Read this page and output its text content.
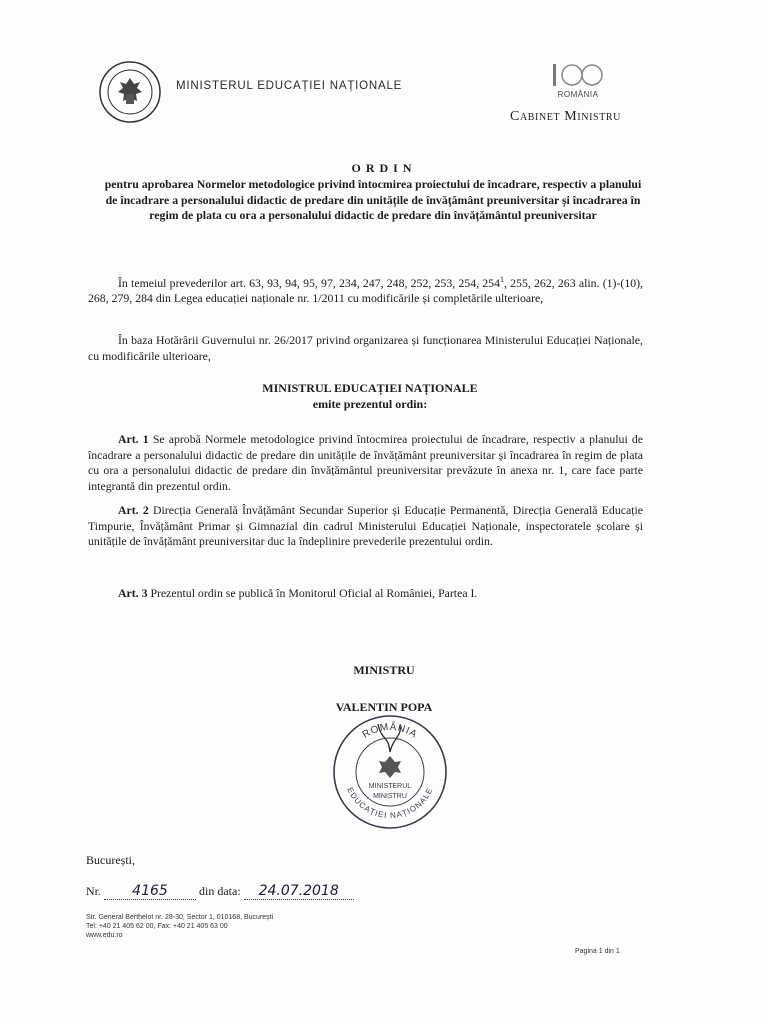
MINISTERUL EDUCAȚIEI NAȚIONALE
ROMÂNIA
Cabinet Ministru
ORDIN
pentru aprobarea Normelor metodologice privind întocmirea proiectului de încadrare, respectiv a planului de încadrare a personalului didactic de predare din unitățile de învățământ preuniversitar și încadrarea în regim de plata cu ora a personalului didactic de predare din învățământul preuniversitar
În temeiul prevederilor art. 63, 93, 94, 95, 97, 234, 247, 248, 252, 253, 254, $254^1$, 255, 262, 263 alin. (1)-(10), 268, 279, 284 din Legea educației naționale nr. 1/2011 cu modificările și completările ulterioare,
În baza Hotărârii Guvernului nr. 26/2017 privind organizarea și funcționarea Ministerului Educației Naționale, cu modificările ulterioare,
MINISTRUL EDUCAȚIEI NAȚIONALE
emite prezentul ordin:
Art. 1 Se aprobă Normele metodologice privind întocmirea proiectului de încadrare, respectiv a planului de încadrare a personalului didactic de predare din unitățile de învățământ preuniversitar și încadrarea în regim de plata cu ora a personalului didactic de predare din învățământul preuniversitar prevăzute în anexa nr. 1, care face parte integrantă din prezentul ordin.
Art. 2 Direcția Generală Învățământ Secundar Superior și Educație Permanentă, Direcția Generală Educație Timpurie, Învățământ Primar și Gimnazial din cadrul Ministerului Educației Naționale, inspectoratele școlare și unitățile de învățământ preuniversitar duc la îndeplinire prevederile prezentului ordin.
Art. 3 Prezentul ordin se publică în Monitorul Oficial al României, Partea I.
MINISTRU
VALENTIN POPA
ROMÂNIA
EDUCAȚIEI NAȚIONALE
MINISTERUL
MINISTRU
București,
Nr. 4165	din data: 24.07.2018
Str. General Berthelot nr. 28-30, Sector 1, 010168, București
Tel: +40 21 405 62 00, Fax: +40 21 405 63 00
www.edu.ro
Pagina 1 din 1
